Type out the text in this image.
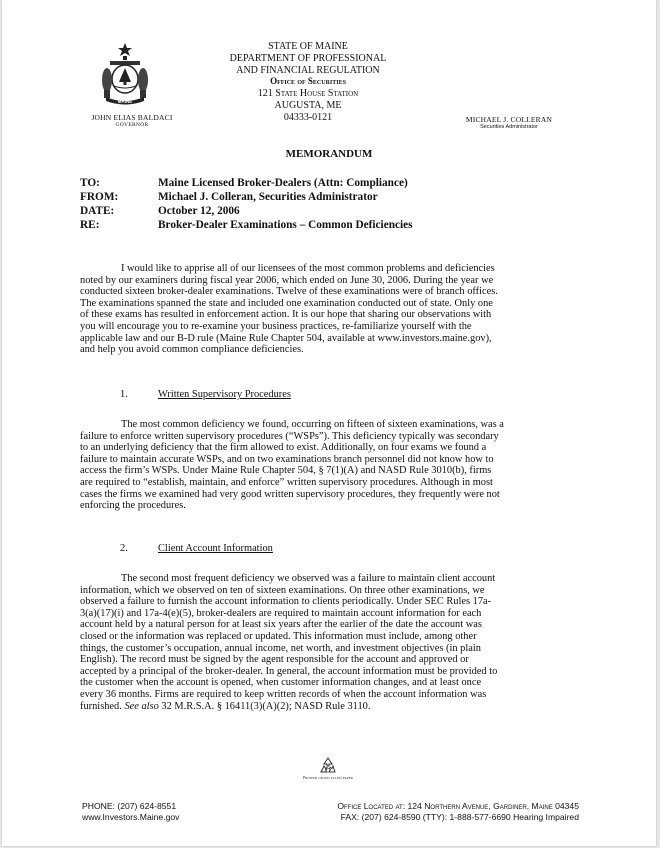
MAINE
JOHN ELIAS BALDACI
GOVERNOR
STATE OF MAINE
DEPARTMENT OF PROFESSIONAL
AND FINANCIAL REGULATION
Office of Securities
121 State House Station
AUGUSTA, ME
04333-0121	MICHAEL J. COLLERAN
Securities Administrator
MEMORANDUM
TO:	Maine Licensed Broker-Dealers (Attn: Compliance)
FROM:	Michael J. Colleran, Securities Administrator
DATE:	October 12, 2006
RE:	Broker-Dealer Examinations – Common Deficiencies
I would like to apprise all of our licensees of the most common problems and deficiencies
noted by our examiners during fiscal year 2006, which ended on June 30, 2006. During the year we
conducted sixteen broker-dealer examinations. Twelve of these examinations were of branch offices.
The examinations spanned the state and included one examination conducted out of state. Only one
of these exams has resulted in enforcement action. It is our hope that sharing our observations with
you will encourage you to re-examine your business practices, re-familiarize yourself with the
applicable law and our B-D rule (Maine Rule Chapter 504, available at www.investors.maine.gov),
and help you avoid common compliance deficiencies.
1.	Written Supervisory Procedures
The most common deficiency we found, occurring on fifteen of sixteen examinations, was a
failure to enforce written supervisory procedures (“WSPs”). This deficiency typically was secondary
to an underlying deficiency that the firm allowed to exist. Additionally, on four exams we found a
failure to maintain accurate WSPs, and on two examinations branch personnel did not know how to
access the firm’s WSPs. Under Maine Rule Chapter 504, § 7(1)(A) and NASD Rule 3010(b), firms
are required to “establish, maintain, and enforce” written supervisory procedures. Although in most
cases the firms we examined had very good written supervisory procedures, they frequently were not
enforcing the procedures.
2.	Client Account Information
The second most frequent deficiency we observed was a failure to maintain client account
information, which we observed on ten of sixteen examinations. On three other examinations, we
observed a failure to furnish the account information to clients periodically. Under SEC Rules 17a-
3(a)(17)(i) and 17a-4(e)(5), broker-dealers are required to maintain account information for each
account held by a natural person for at least six years after the earlier of the date the account was
closed or the information was replaced or updated. This information must include, among other
things, the customer’s occupation, annual income, net worth, and investment objectives (in plain
English). The record must be signed by the agent responsible for the account and approved or
accepted by a principal of the broker-dealer. In general, the account information must be provided to
the customer when the account is opened, when customer information changes, and at least once
every 36 months. Firms are required to keep written records of when the account information was
furnished. See also 32 M.R.S.A. § 16411(3)(A)(2); NASD Rule 3110.
Printed on recycled paper
PHONE: (207) 624-8551
www.Investors.Maine.gov
Office Located at: 124 Northern Avenue, Gardiner, Maine 04345
FAX: (207) 624-8590 (TTY): 1-888-577-6690 Hearing Impaired
